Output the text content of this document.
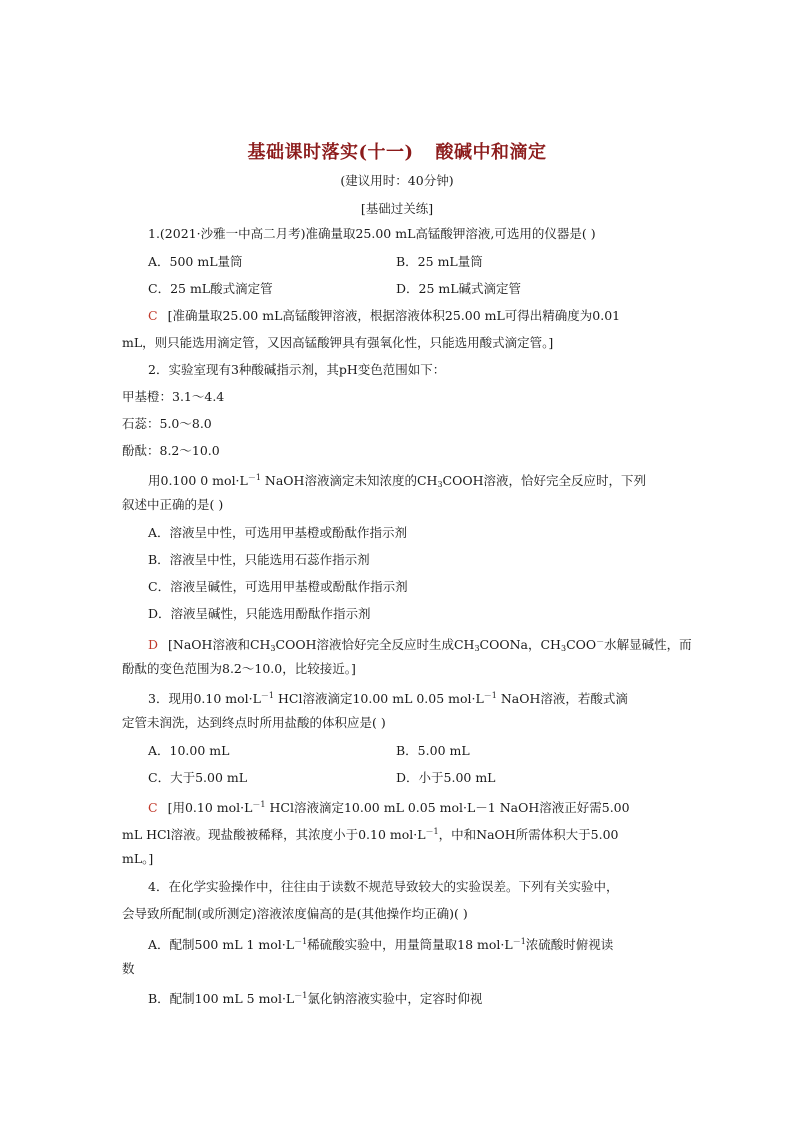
基础课时落实(十一) 酸碱中和滴定
(建议用时：40分钟)
[基础过关练]
1.(2021·沙雅一中高二月考)准确量取25.00 mL高锰酸钾溶液,可选用的仪器是( )
A．500 mL量筒	B．25 mL量筒
C．25 mL酸式滴定管	D．25 mL碱式滴定管
C [准确量取25.00 mL高锰酸钾溶液，根据溶液体积25.00 mL可得出精确度为0.01
mL，则只能选用滴定管，又因高锰酸钾具有强氧化性，只能选用酸式滴定管。]
2．实验室现有3种酸碱指示剂，其pH变色范围如下：
甲基橙：3.1～4.4
石蕊：5.0～8.0
酚酞：8.2～10.0
用0.100 0 $mol\cdot L^{-1}$ NaOH溶液滴定未知浓度的$CH_3COOH$溶液，恰好完全反应时，下列
叙述中正确的是( )
A．溶液呈中性，可选用甲基橙或酚酞作指示剂
B．溶液呈中性，只能选用石蕊作指示剂
C．溶液呈碱性，可选用甲基橙或酚酞作指示剂
D．溶液呈碱性，只能选用酚酞作指示剂
D [NaOH溶液和$CH_3COOH$溶液恰好完全反应时生成$CH_3COONa$，$CH_3COO^-$水解显碱性，而
酚酞的变色范围为8.2～10.0，比较接近。]
3．现用0.10 $mol\cdot L^{-1}$ HCl溶液滴定10.00 mL 0.05 $mol\cdot L^{-1}$ NaOH溶液，若酸式滴
定管未润洗，达到终点时所用盐酸的体积应是( )
A．10.00 mL	B．5.00 mL
C．大于5.00 mL	D．小于5.00 mL
C [用0.10 $mol\cdot L^{-1}$ HCl溶液滴定10.00 mL 0.05 mol·L－1 NaOH溶液正好需5.00
mL HCl溶液。现盐酸被稀释，其浓度小于0.10 $mol\cdot L^{-1}$，中和NaOH所需体积大于5.00
mL。]
4．在化学实验操作中，往往由于读数不规范导致较大的实验误差。下列有关实验中，
会导致所配制(或所测定)溶液浓度偏高的是(其他操作均正确)( )
A．配制500 mL 1 $mol\cdot L^{-1}$稀硫酸实验中，用量筒量取18 $mol\cdot L^{-1}$浓硫酸时俯视读
数
B．配制100 mL 5 $mol\cdot L^{-1}$氯化钠溶液实验中，定容时仰视
